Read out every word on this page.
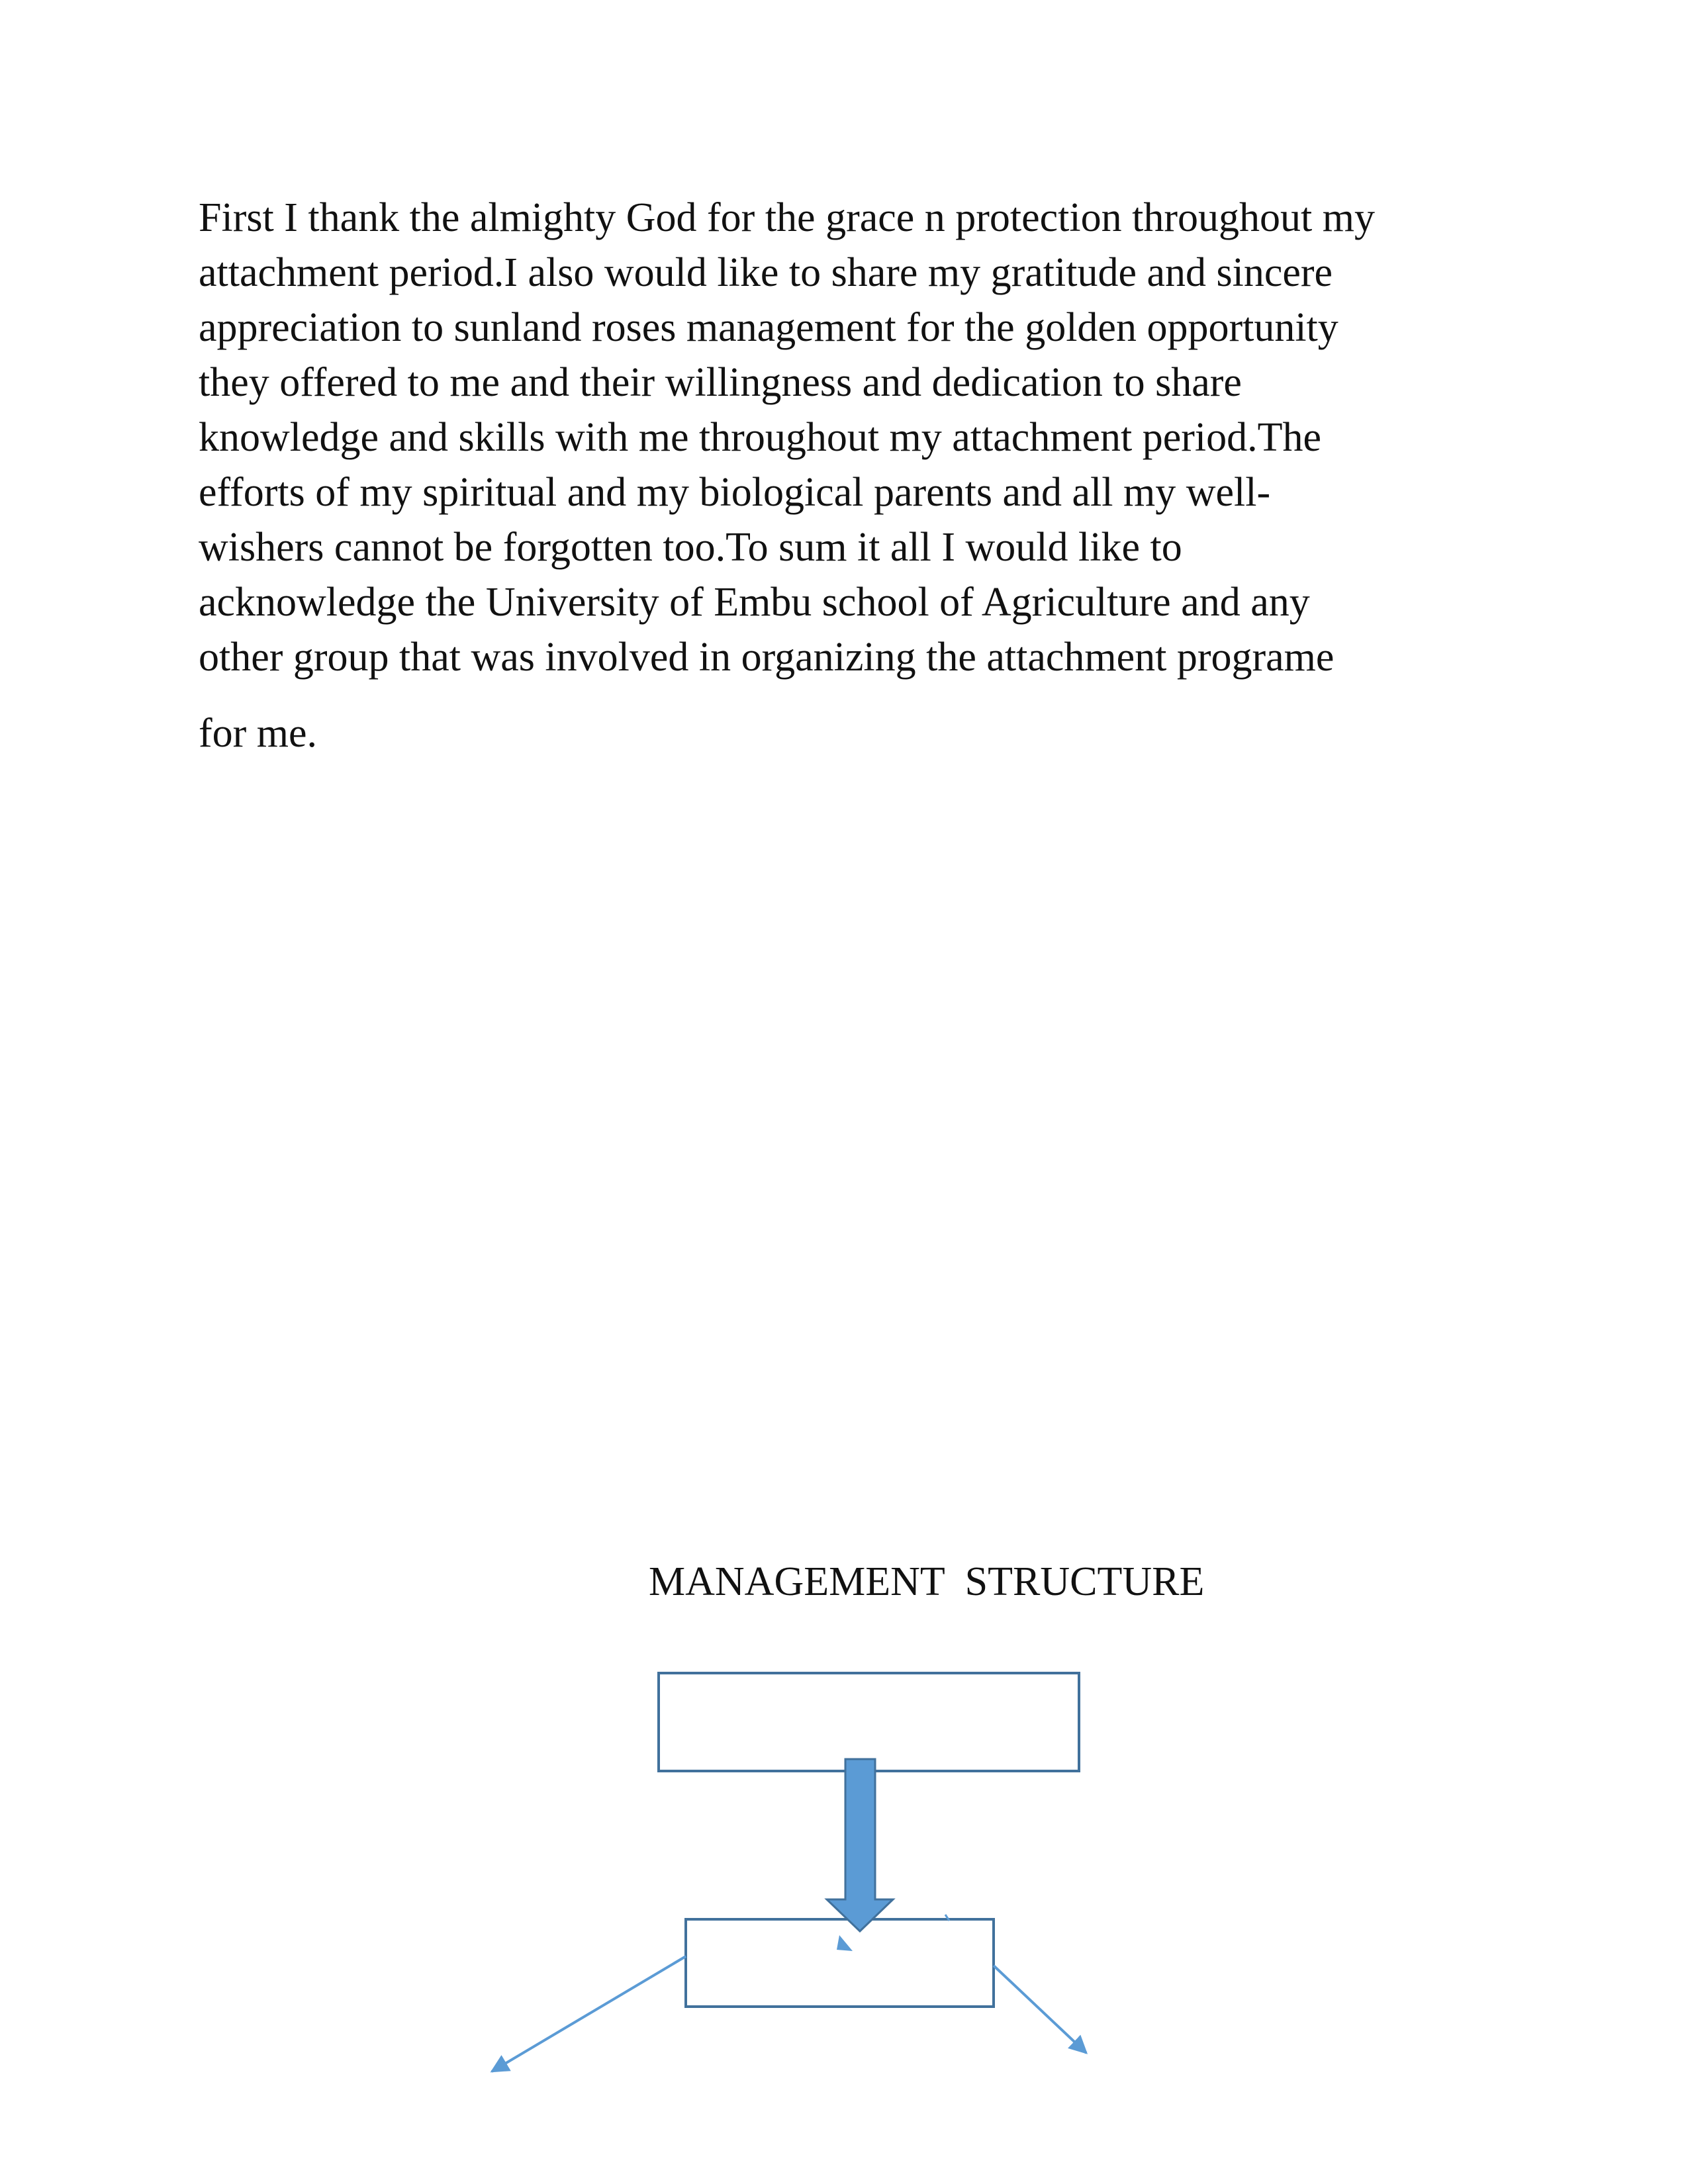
First I thank the almighty God for the grace n protection throughout my
attachment period.I also would like to share my gratitude and sincere
appreciation to sunland roses management for the golden opportunity
they offered to me and their willingness and dedication to share
knowledge and skills with me throughout my attachment period.The
efforts of my spiritual and my biological parents and all my well-
wishers cannot be forgotten too.To sum it all I would like to
acknowledge the University of Embu school of Agriculture and any
other group that was involved in organizing the attachment programe
for me.
MANAGEMENT  STRUCTURE
